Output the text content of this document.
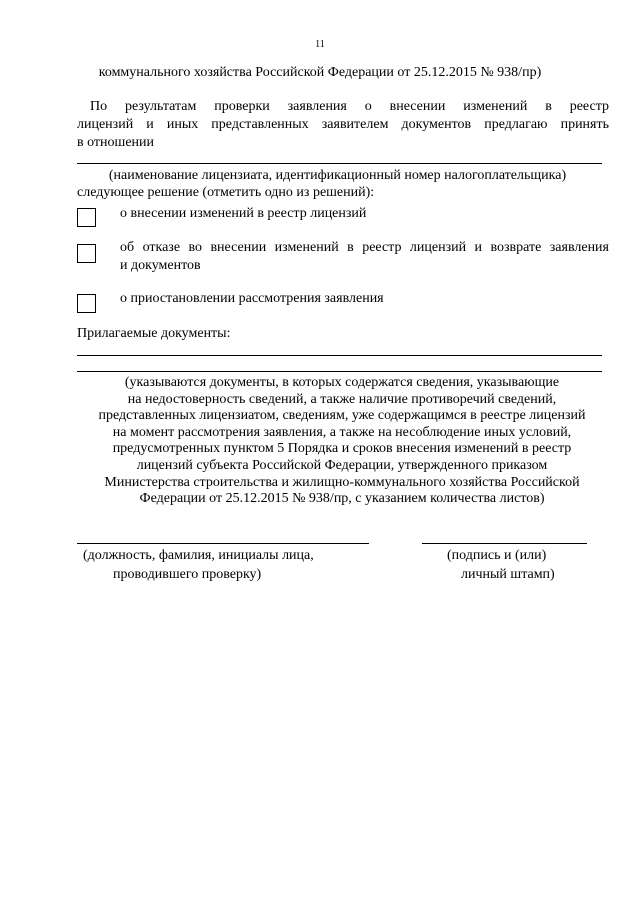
11
коммунального хозяйства Российской Федерации от 25.12.2015 № 938/пр)
По результатам проверки заявления о внесении изменений в реестр
лицензий и иных представленных заявителем документов предлагаю принять
в отношении
(наименование лицензиата, идентификационный номер налогоплательщика)
следующее решение (отметить одно из решений):
о внесении изменений в реестр лицензий
об отказе во внесении изменений в реестр лицензий и возврате заявления
и документов
о приостановлении рассмотрения заявления
Прилагаемые документы:
(указываются документы, в которых содержатся сведения, указывающие
на недостоверность сведений, а также наличие противоречий сведений,
представленных лицензиатом, сведениям, уже содержащимся в реестре лицензий
на момент рассмотрения заявления, а также на несоблюдение иных условий,
предусмотренных пунктом 5 Порядка и сроков внесения изменений в реестр
лицензий субъекта Российской Федерации, утвержденного приказом
Министерства строительства и жилищно-коммунального хозяйства Российской
Федерации от 25.12.2015 № 938/пр, с указанием количества листов)
(должность, фамилия, инициалы лица,
проводившего проверку)
(подпись и (или)
личный штамп)
